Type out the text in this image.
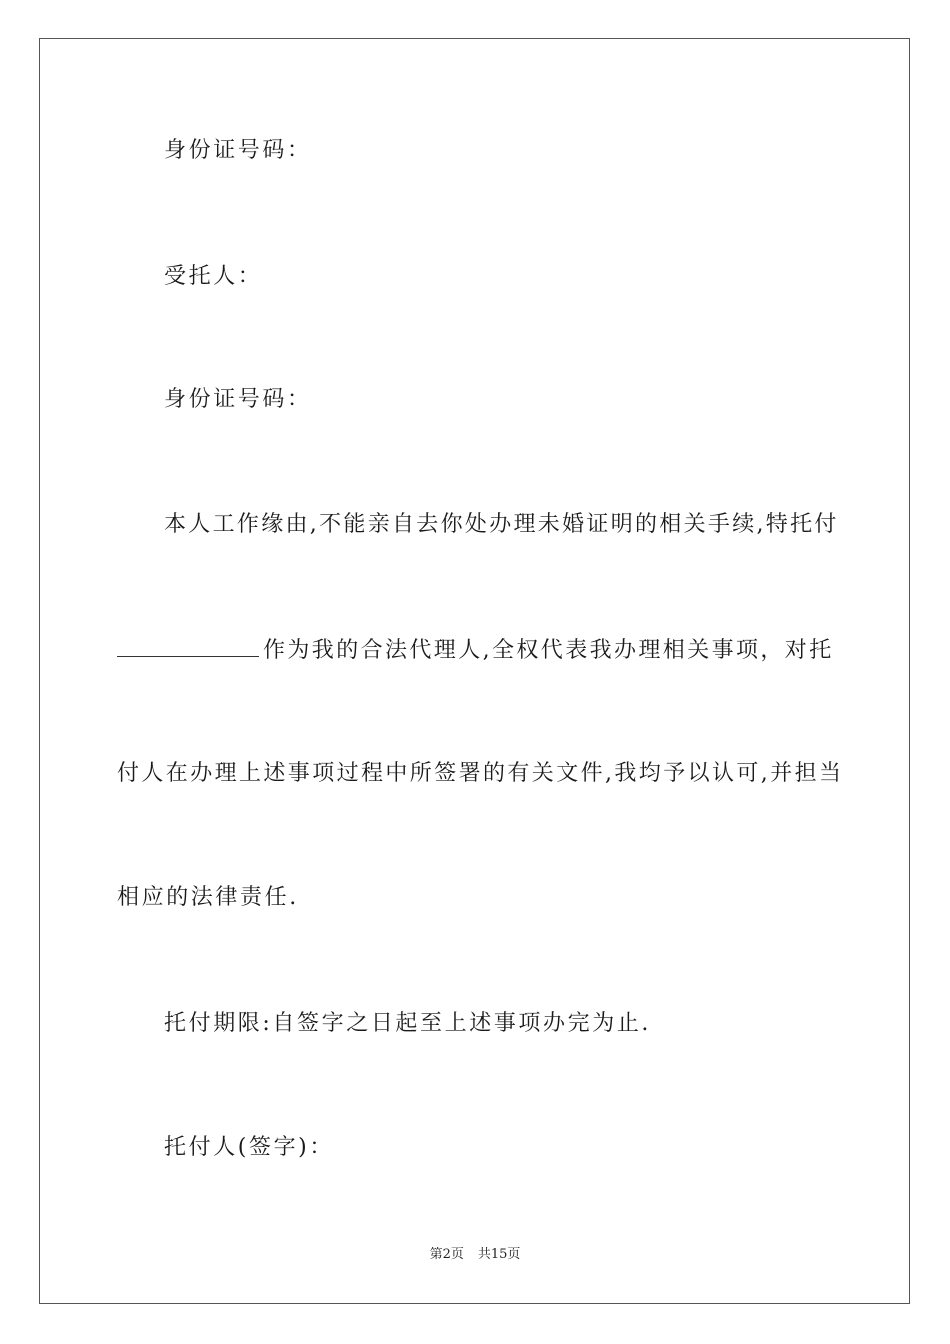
身份证号码：
受托人：
身份证号码：
本人工作缘由,不能亲自去你处办理未婚证明的相关手续,特托付
作为我的合法代理人,全权代表我办理相关事项，对托
付人在办理上述事项过程中所签署的有关文件,我均予以认可,并担当
相应的法律责任.
托付期限:自签字之日起至上述事项办完为止.
托付人(签字)：
第2页 共15页
